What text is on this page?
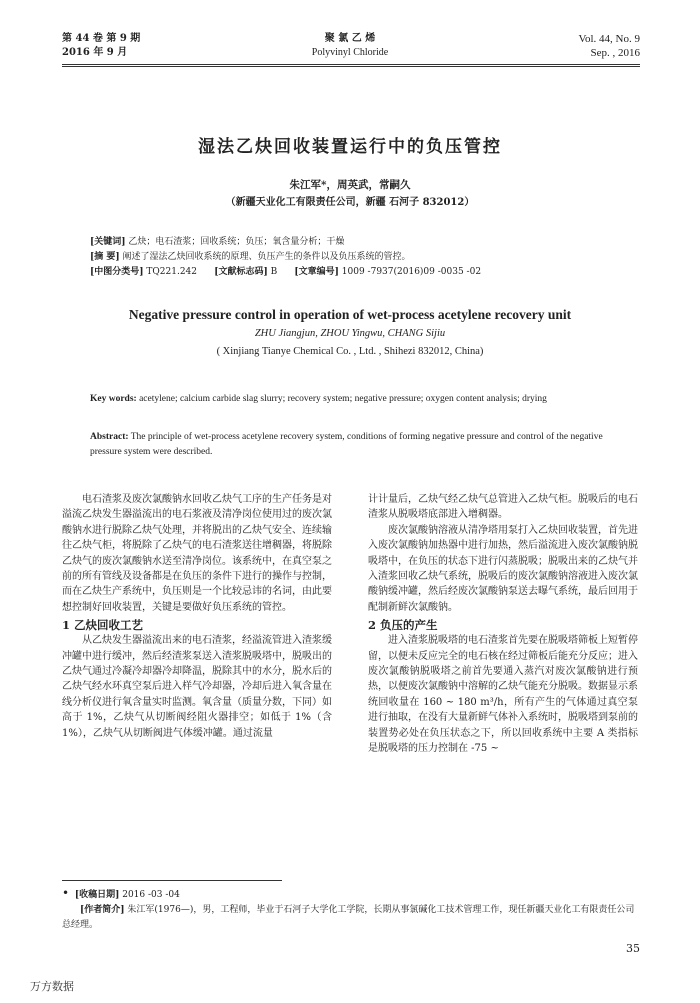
第 44 卷 第 9 期
2016 年 9 月
聚 氯 乙 烯
Polyvinyl Chloride
Vol. 44, No. 9
Sep. , 2016
湿法乙炔回收装置运行中的负压管控
朱江军*，周英武，常嗣久
（新疆天业化工有限责任公司，新疆 石河子 832012）
[关键词] 乙炔；电石渣浆；回收系统；负压；氧含量分析；干燥
[摘 要] 阐述了湿法乙炔回收系统的原理、负压产生的条件以及负压系统的管控。
[中图分类号] TQ221.242 [文献标志码] B [文章编号] 1009 -7937(2016)09 -0035 -02
Negative pressure control in operation of wet-process acetylene recovery unit
ZHU Jiangjun, ZHOU Yingwu, CHANG Sijiu
( Xinjiang Tianye Chemical Co. , Ltd. , Shihezi 832012, China)
Key words: acetylene; calcium carbide slag slurry; recovery system; negative pressure; oxygen content analysis; drying
Abstract: The principle of wet-process acetylene recovery system, conditions of forming negative pressure and control of the negative pressure system were described.
电石渣浆及废次氯酸钠水回收乙炔气工序的生产任务是对溢流乙炔发生器溢流出的电石浆液及清净岗位使用过的废次氯酸钠水进行脱除乙炔气处理，并将脱出的乙炔气安全、连续输往乙炔气柜，将脱除了乙炔气的电石渣浆送往增稠器，将脱除乙炔气的废次氯酸钠水送至清净岗位。该系统中，在真空泵之前的所有管线及设备都是在负压的条件下进行的操作与控制，而在乙炔生产系统中，负压则是一个比较忌讳的名词，由此要想控制好回收装置，关键是要做好负压系统的管控。
1 乙炔回收工艺
从乙炔发生器溢流出来的电石渣浆，经溢流管进入渣浆缓冲罐中进行缓冲，然后经渣浆泵送入渣浆脱吸塔中，脱吸出的乙炔气通过冷凝冷却器冷却降温，脱除其中的水分，脱水后的乙炔气经水环真空泵后进入样气冷却器，冷却后进入氧含量在线分析仪进行氧含量实时监测。氧含量（质量分数，下同）如高于 1%，乙炔气从切断阀经阻火器排空；如低于 1%（含 1%），乙炔气从切断阀进气体缓冲罐。通过流量
计计量后，乙炔气经乙炔气总管进入乙炔气柜。脱吸后的电石渣浆从脱吸塔底部进入增稠器。
废次氯酸钠溶液从清净塔用泵打入乙炔回收装置，首先进入废次氯酸钠加热器中进行加热，然后溢流进入废次氯酸钠脱吸塔中，在负压的状态下进行闪蒸脱吸；脱吸出来的乙炔气并入渣浆回收乙炔气系统，脱吸后的废次氯酸钠溶液进入废次氯酸钠缓冲罐，然后经废次氯酸钠泵送去曝气系统，最后回用于配制新鲜次氯酸钠。
2 负压的产生
进入渣浆脱吸塔的电石渣浆首先要在脱吸塔筛板上短暂停留，以便未反应完全的电石核在经过筛板后能充分反应；进入废次氯酸钠脱吸塔之前首先要通入蒸汽对废次氯酸钠进行预热，以便废次氯酸钠中溶解的乙炔气能充分脱吸。数据显示系统回收量在 160 ~ 180 m³/h，所有产生的气体通过真空泵进行抽取，在没有大量新鲜气体补入系统时，脱吸塔到泵前的装置势必处在负压状态之下，所以回收系统中主要 A 类指标是脱吸塔的压力控制在 -75 ~
• [收稿日期] 2016 -03 -04
[作者简介] 朱江军(1976—)，男，工程师，毕业于石河子大学化工学院，长期从事氯碱化工技术管理工作，现任新疆天业化工有限责任公司总经理。
35
万方数据
